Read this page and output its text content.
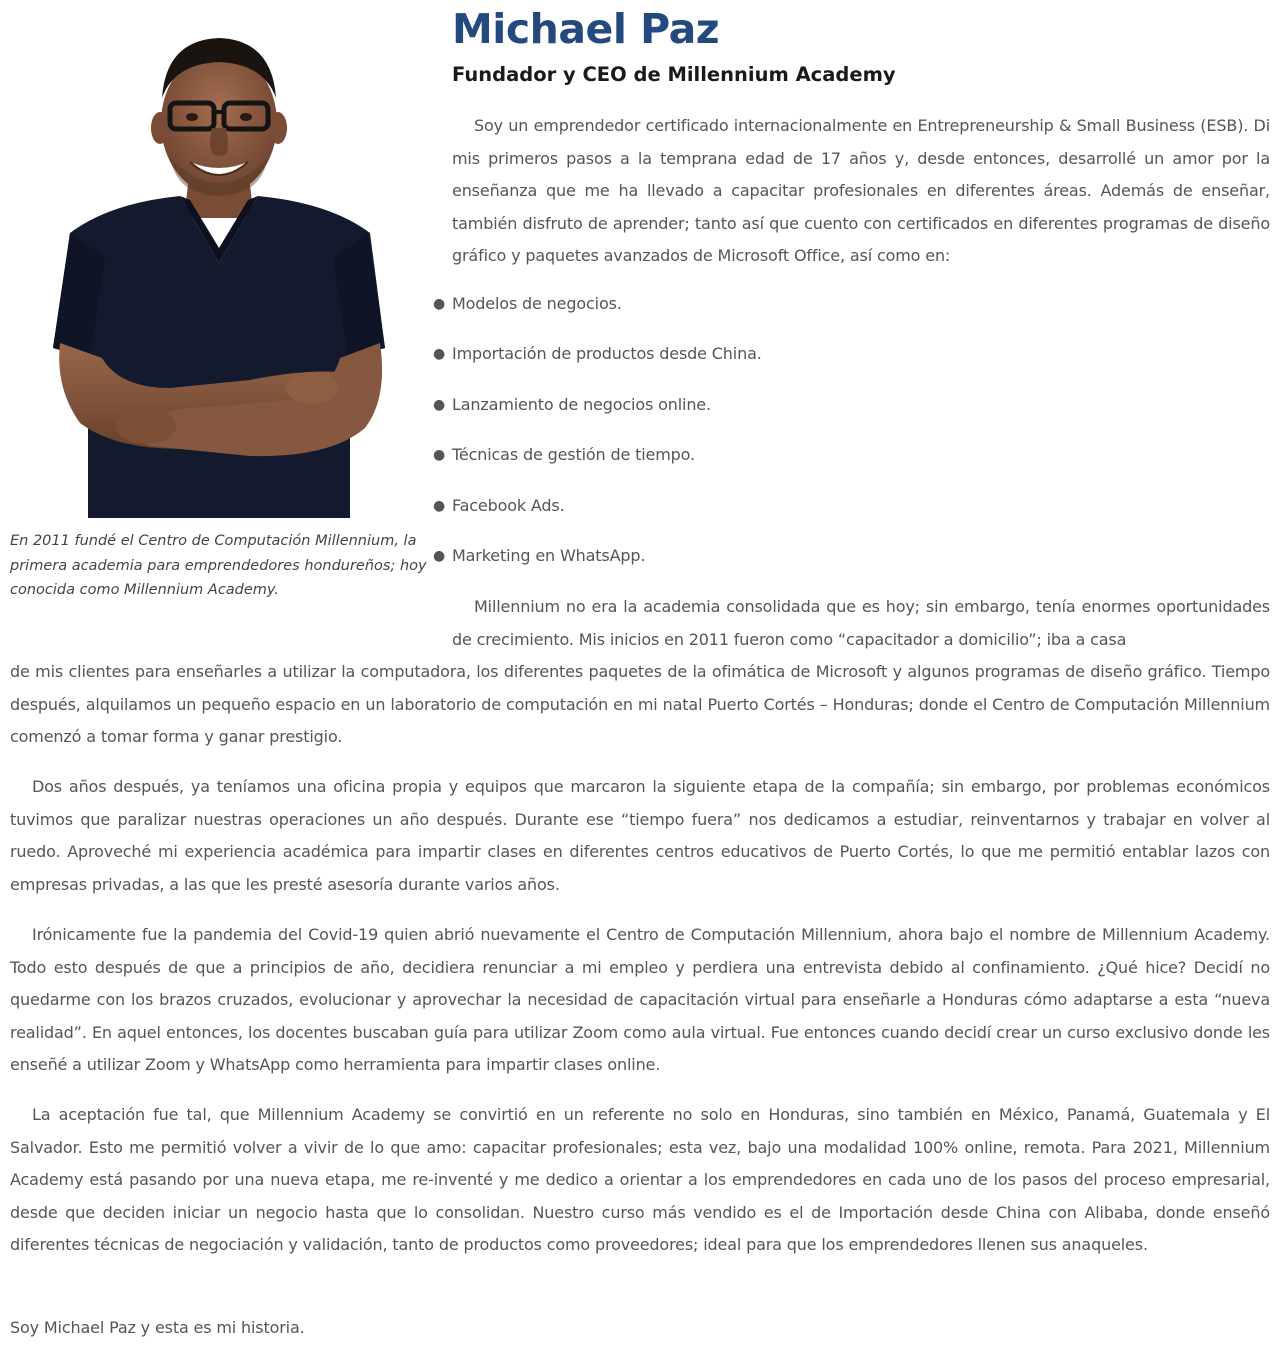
En 2011 fundé el Centro de Computación Millennium, la primera academia para emprendedores hondureños; hoy conocida como Millennium Academy.
Michael Paz
Fundador y CEO de Millennium Academy

Soy un emprendedor certificado internacionalmente en Entrepreneurship & Small Business (ESB). Di mis primeros pasos a la temprana edad de 17 años y, desde entonces, desarrollé un amor por la enseñanza que me ha llevado a capacitar profesionales en diferentes áreas. Además de enseñar, también disfruto de aprender; tanto así que cuento con certificados en diferentes programas de diseño gráfico y paquetes avanzados de Microsoft Office, así como en:

● Modelos de negocios.
● Importación de productos desde China.
● Lanzamiento de negocios online.
● Técnicas de gestión de tiempo.
● Facebook Ads.
● Marketing en WhatsApp.

Millennium no era la academia consolidada que es hoy; sin embargo, tenía enormes oportunidades de crecimiento. Mis inicios en 2011 fueron como “capacitador a domicilio”; iba a casa

de mis clientes para enseñarles a utilizar la computadora, los diferentes paquetes de la ofimática de Microsoft y algunos programas de diseño gráfico. Tiempo después, alquilamos un pequeño espacio en un laboratorio de computación en mi natal Puerto Cortés – Honduras; donde el Centro de Computación Millennium comenzó a tomar forma y ganar prestigio.

Dos años después, ya teníamos una oficina propia y equipos que marcaron la siguiente etapa de la compañía; sin embargo, por problemas económicos tuvimos que paralizar nuestras operaciones un año después. Durante ese “tiempo fuera” nos dedicamos a estudiar, reinventarnos y trabajar en volver al ruedo. Aproveché mi experiencia académica para impartir clases en diferentes centros educativos de Puerto Cortés, lo que me permitió entablar lazos con empresas privadas, a las que les presté asesoría durante varios años.

Irónicamente fue la pandemia del Covid-19 quien abrió nuevamente el Centro de Computación Millennium, ahora bajo el nombre de Millennium Academy. Todo esto después de que a principios de año, decidiera renunciar a mi empleo y perdiera una entrevista debido al confinamiento. ¿Qué hice? Decidí no quedarme con los brazos cruzados, evolucionar y aprovechar la necesidad de capacitación virtual para enseñarle a Honduras cómo adaptarse a esta “nueva realidad”. En aquel entonces, los docentes buscaban guía para utilizar Zoom como aula virtual. Fue entonces cuando decidí crear un curso exclusivo donde les enseñé a utilizar Zoom y WhatsApp como herramienta para impartir clases online.

La aceptación fue tal, que Millennium Academy se convirtió en un referente no solo en Honduras, sino también en México, Panamá, Guatemala y El Salvador. Esto me permitió volver a vivir de lo que amo: capacitar profesionales; esta vez, bajo una modalidad 100% online, remota. Para 2021, Millennium Academy está pasando por una nueva etapa, me re-inventé y me dedico a orientar a los emprendedores en cada uno de los pasos del proceso empresarial, desde que deciden iniciar un negocio hasta que lo consolidan. Nuestro curso más vendido es el de Importación desde China con Alibaba, donde enseñó diferentes técnicas de negociación y validación, tanto de productos como proveedores; ideal para que los emprendedores llenen sus anaqueles.

Soy Michael Paz y esta es mi historia.
